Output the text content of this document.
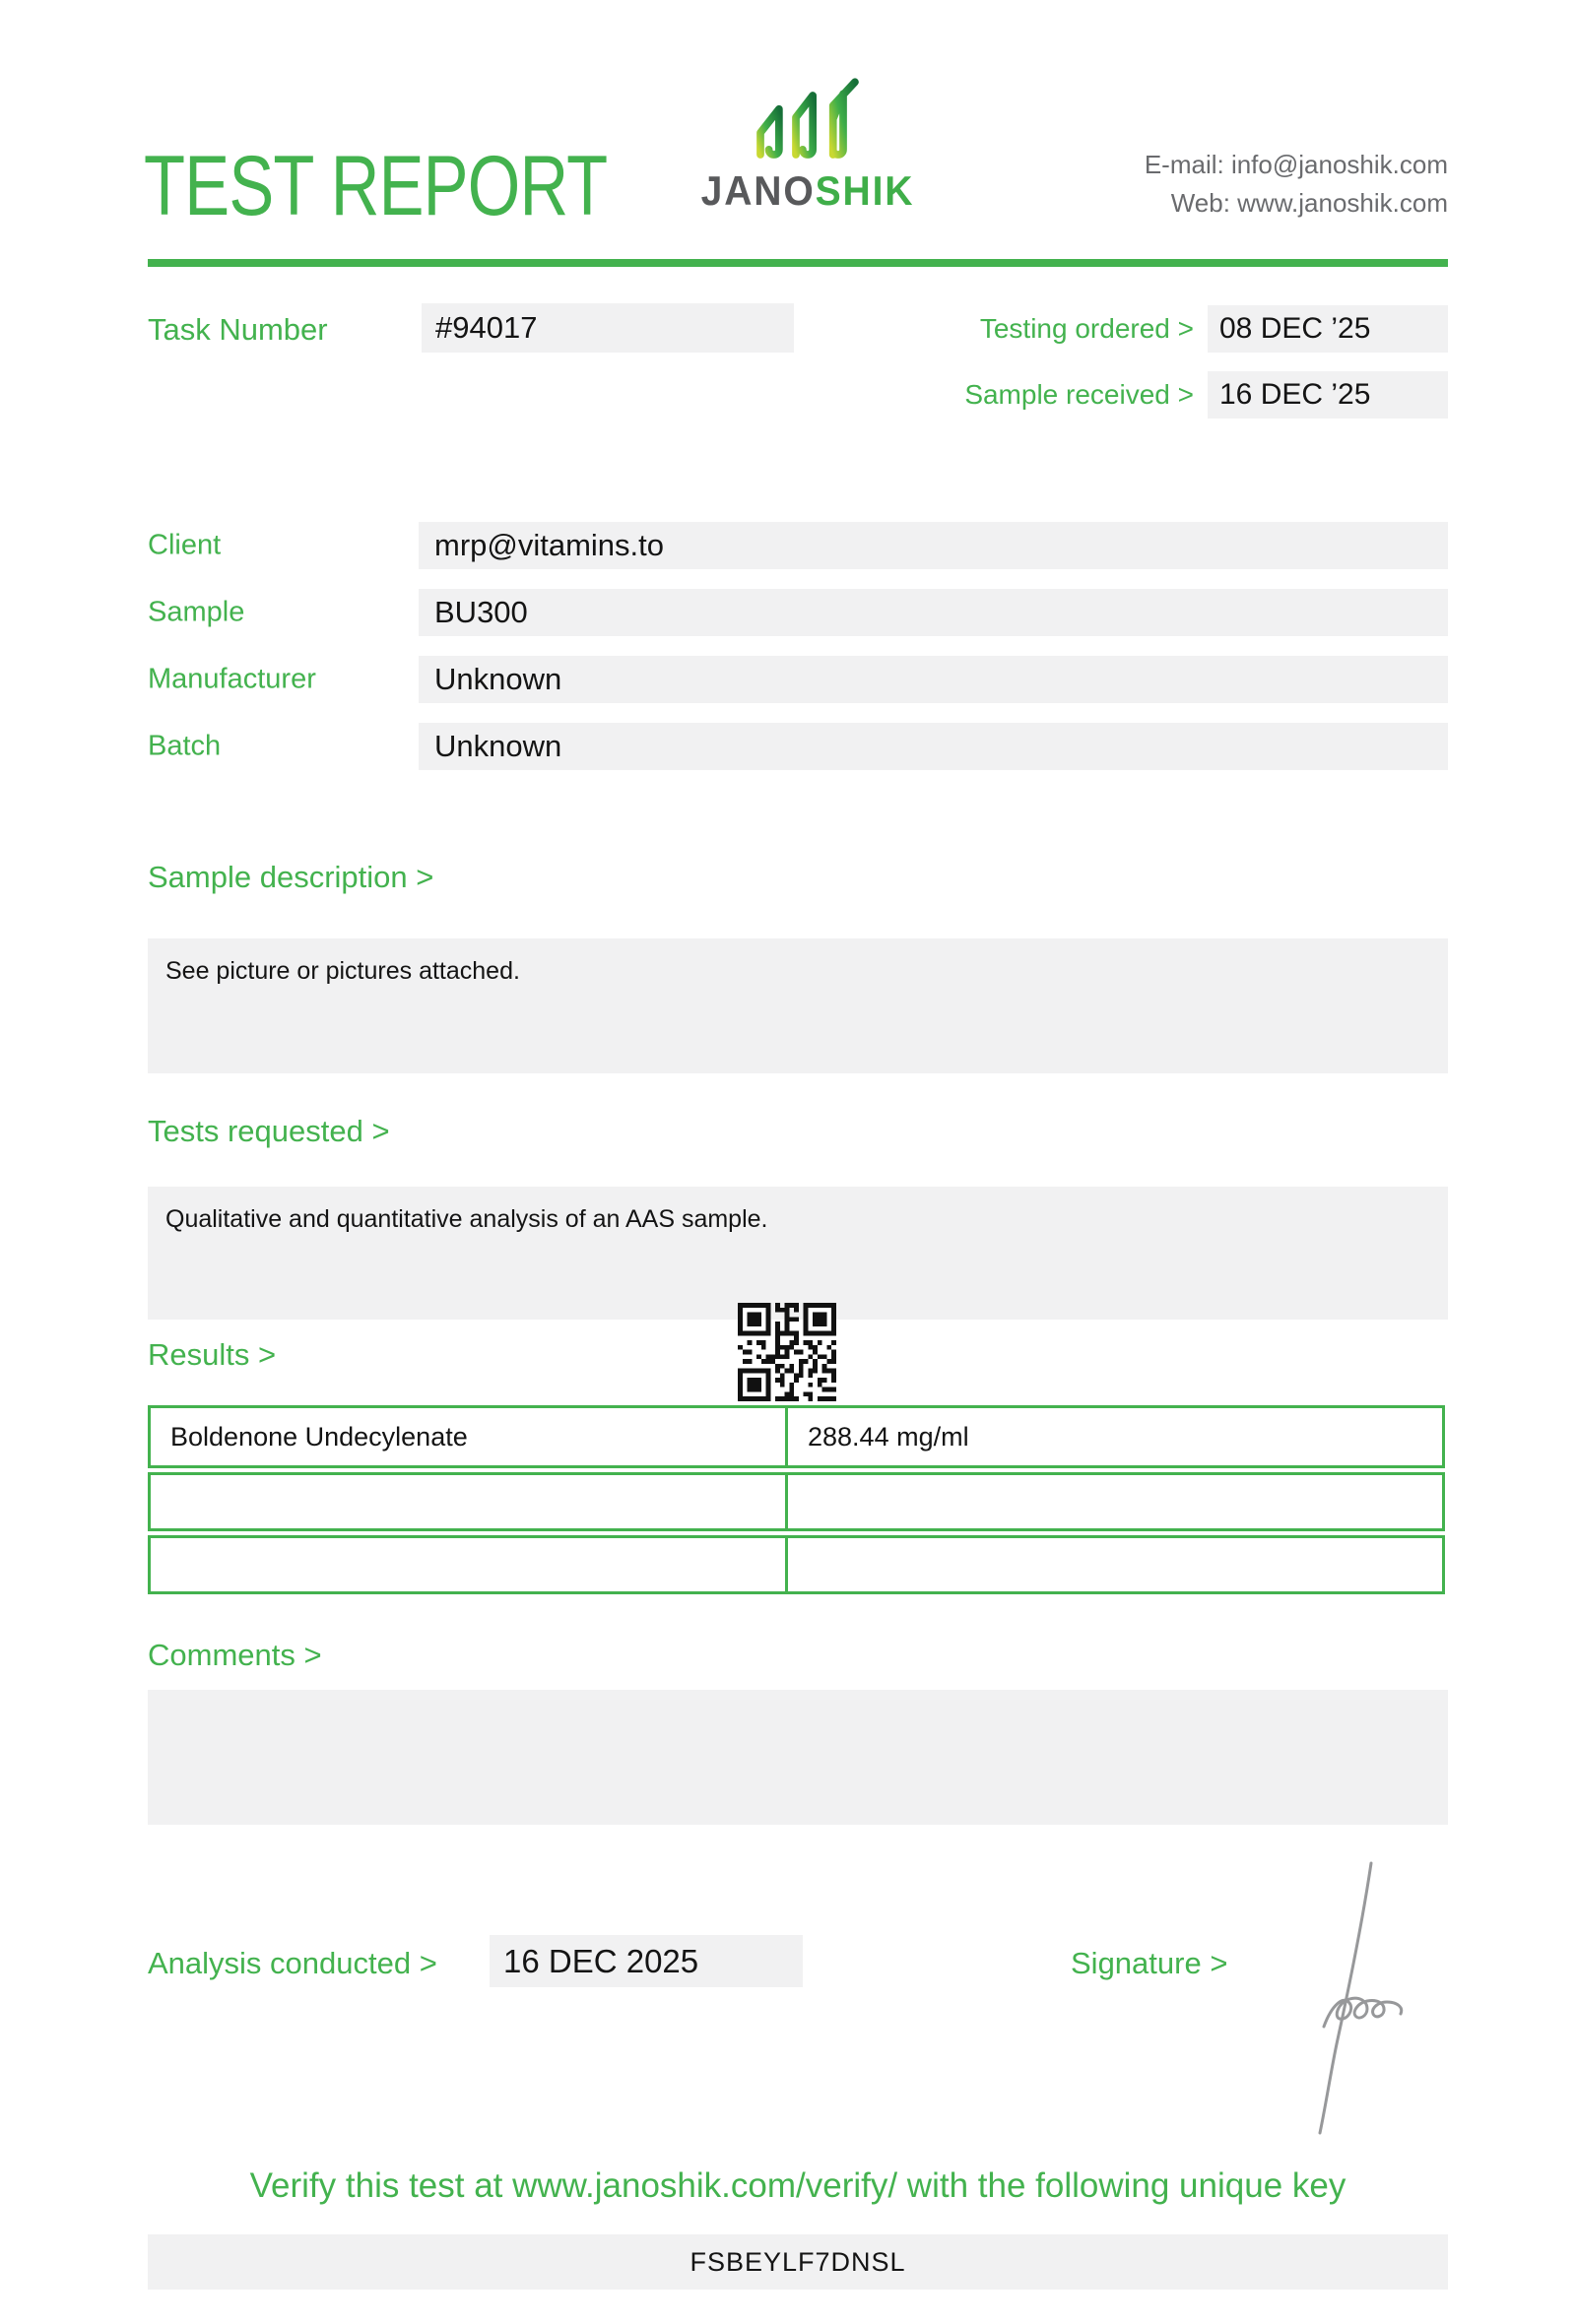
TEST REPORT JANOSHIK
E-mail: info@janoshik.com
Web: www.janoshik.com
Task Number	#94017	Testing ordered > 08 DEC ’25
Sample received > 16 DEC ’25
Client	mrp@vitamins.to
Sample	BU300
Manufacturer	Unknown
Batch	Unknown
Sample description >
See picture or pictures attached.
Tests requested >
Qualitative and quantitative analysis of an AAS sample.
Results >
Boldenone Undecylenate	288.44 mg/ml
Comments >
Analysis conducted >	16 DEC 2025	Signature >
Verify this test at www.janoshik.com/verify/ with the following unique key
FSBEYLF7DNSL
